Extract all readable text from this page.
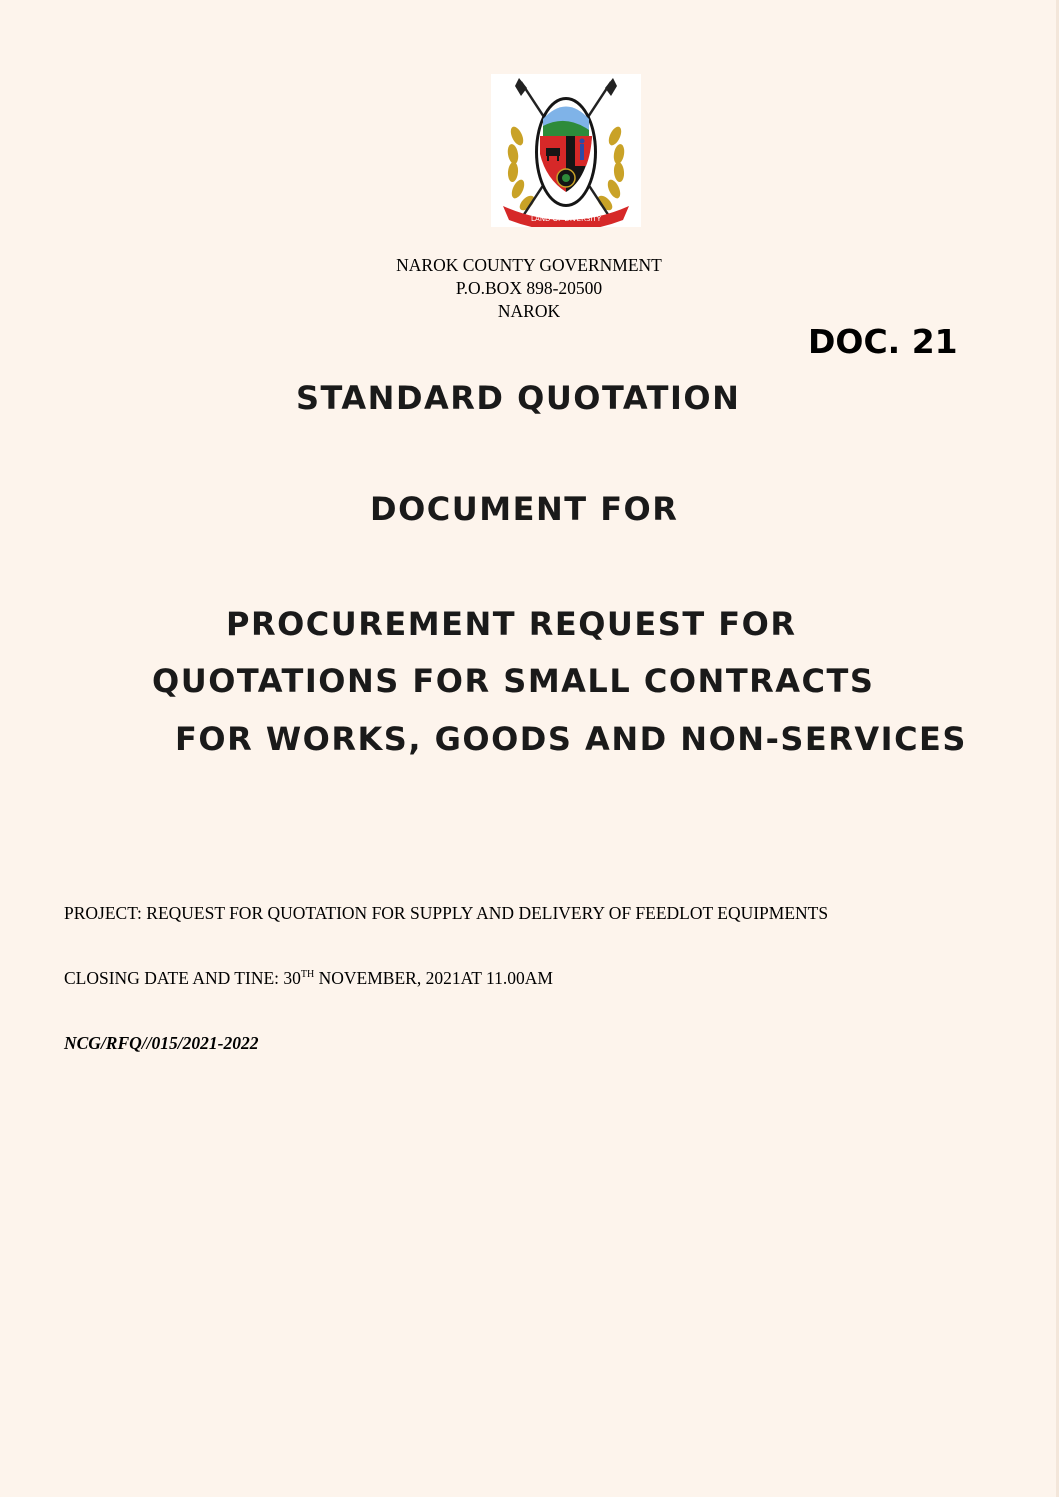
LAND OF DIVERSITY
NAROK COUNTY GOVERNMENT
P.O.BOX 898-20500
NAROK
DOC. 21
STANDARD QUOTATION
DOCUMENT FOR
PROCUREMENT REQUEST FOR
QUOTATIONS FOR SMALL CONTRACTS
FOR WORKS, GOODS AND NON-SERVICES
PROJECT: REQUEST FOR QUOTATION FOR SUPPLY AND DELIVERY OF FEEDLOT EQUIPMENTS
CLOSING DATE AND TINE: 30TH NOVEMBER, 2021AT 11.00AM
NCG/RFQ//015/2021-2022
